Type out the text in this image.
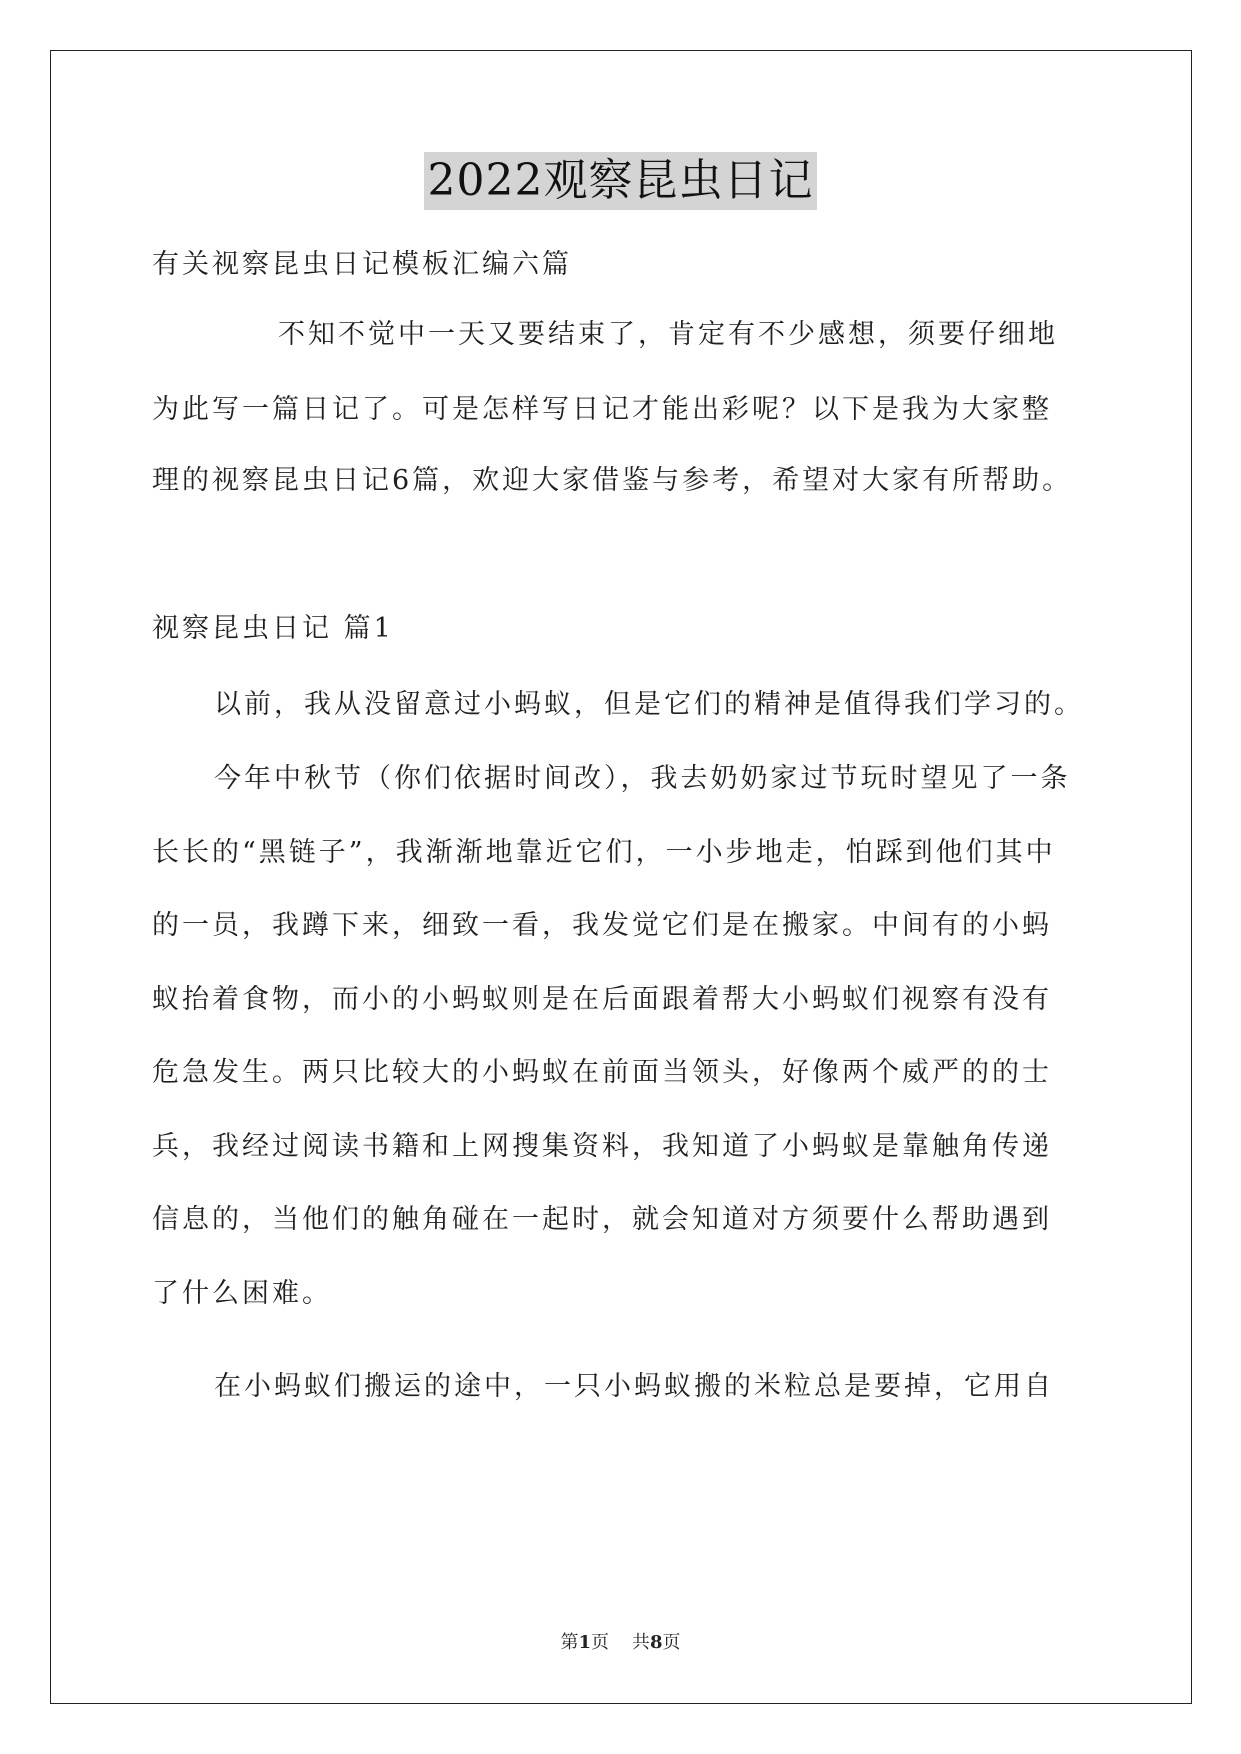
2022观察昆虫日记
有关视察昆虫日记模板汇编六篇
不知不觉中一天又要结束了，肯定有不少感想，须要仔细地
为此写一篇日记了。可是怎样写日记才能出彩呢？以下是我为大家整
理的视察昆虫日记6篇，欢迎大家借鉴与参考，希望对大家有所帮助。
视察昆虫日记 篇1
以前，我从没留意过小蚂蚁，但是它们的精神是值得我们学习的。
今年中秋节（你们依据时间改），我去奶奶家过节玩时望见了一条
长长的“黑链子”，我渐渐地靠近它们，一小步地走，怕踩到他们其中
的一员，我蹲下来，细致一看，我发觉它们是在搬家。中间有的小蚂
蚁抬着食物，而小的小蚂蚁则是在后面跟着帮大小蚂蚁们视察有没有
危急发生。两只比较大的小蚂蚁在前面当领头，好像两个威严的的士
兵，我经过阅读书籍和上网搜集资料，我知道了小蚂蚁是靠触角传递
信息的，当他们的触角碰在一起时，就会知道对方须要什么帮助遇到
了什么困难。
在小蚂蚁们搬运的途中，一只小蚂蚁搬的米粒总是要掉，它用自
第1页    共8页
